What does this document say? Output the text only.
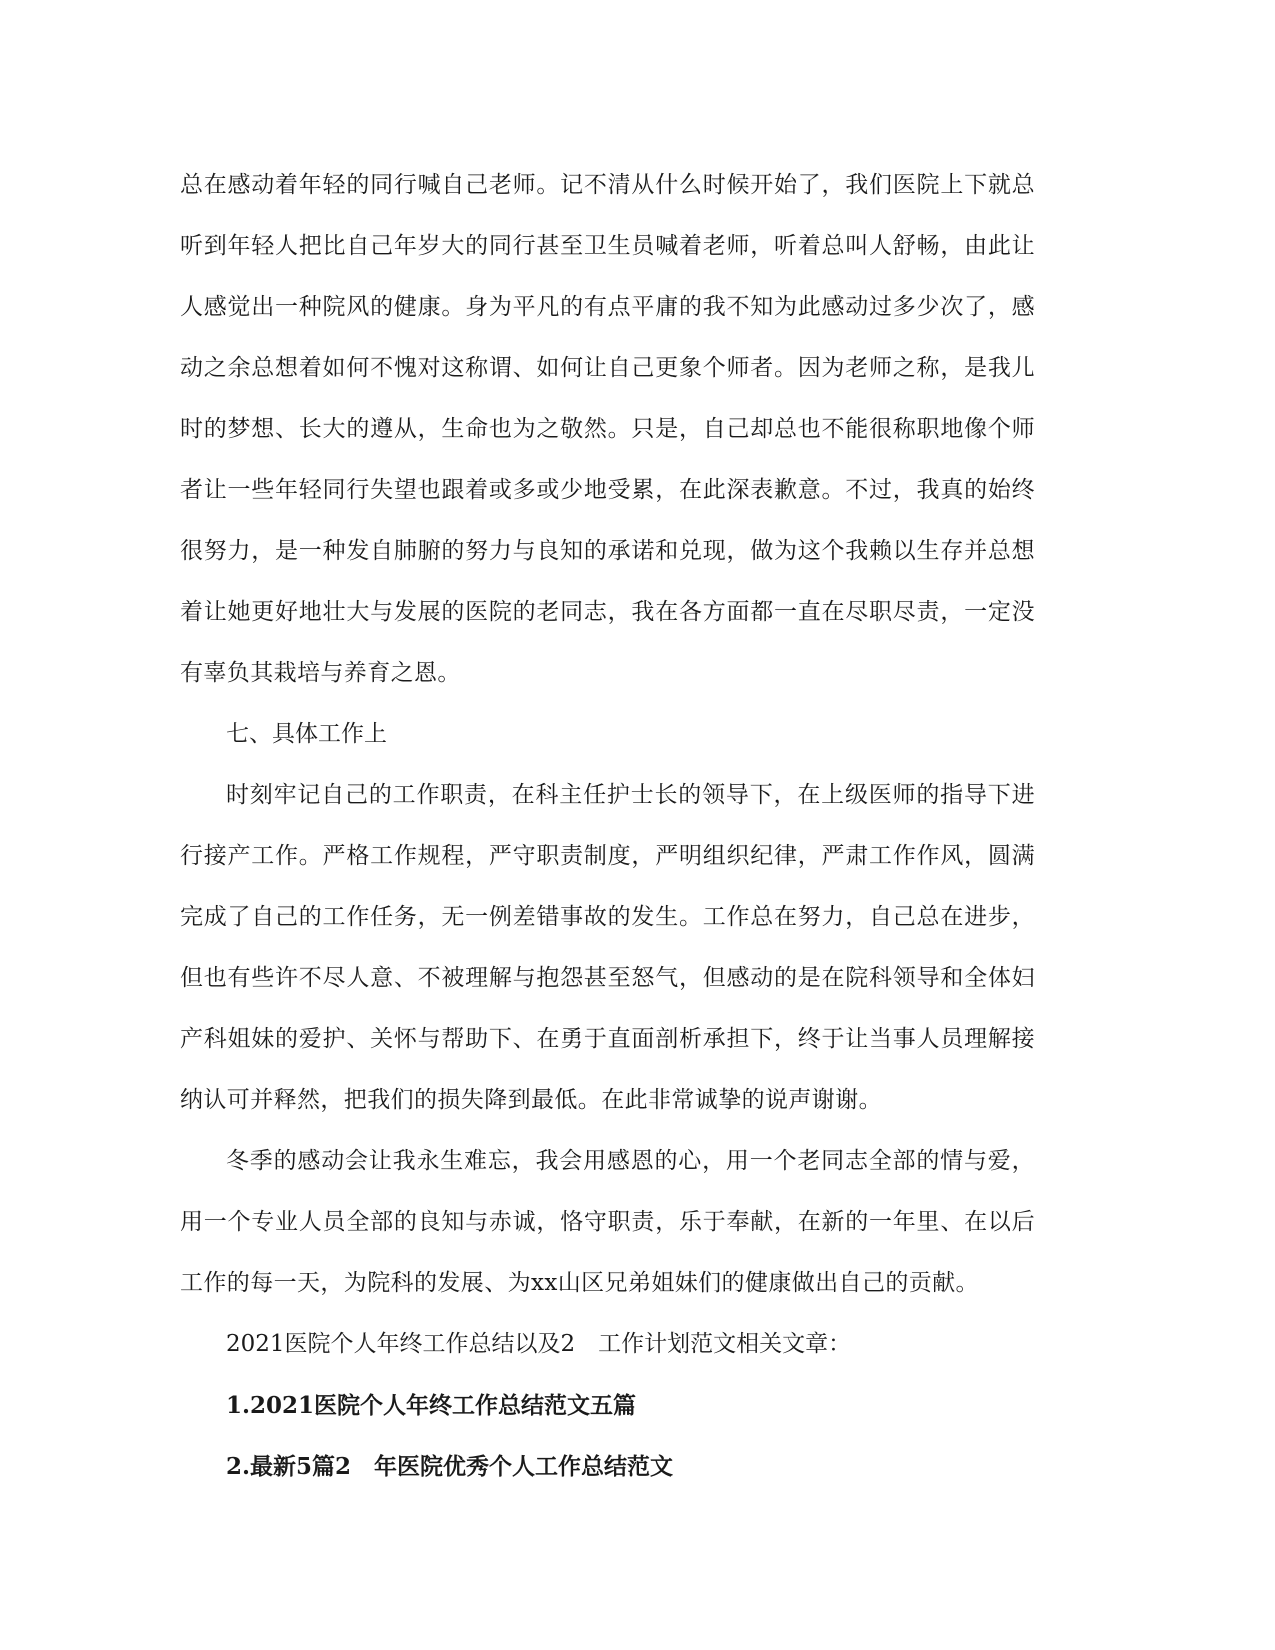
总在感动着年轻的同行喊自己老师。记不清从什么时候开始了，我们医院上下就总听到年轻人把比自己年岁大的同行甚至卫生员喊着老师，听着总叫人舒畅，由此让人感觉出一种院风的健康。身为平凡的有点平庸的我不知为此感动过多少次了，感动之余总想着如何不愧对这称谓、如何让自己更象个师者。因为老师之称，是我儿时的梦想、长大的遵从，生命也为之敬然。只是，自己却总也不能很称职地像个师者让一些年轻同行失望也跟着或多或少地受累，在此深表歉意。不过，我真的始终很努力，是一种发自肺腑的努力与良知的承诺和兑现，做为这个我赖以生存并总想着让她更好地壮大与发展的医院的老同志，我在各方面都一直在尽职尽责，一定没有辜负其栽培与养育之恩。

七、具体工作上

时刻牢记自己的工作职责，在科主任护士长的领导下，在上级医师的指导下进行接产工作。严格工作规程，严守职责制度，严明组织纪律，严肃工作作风，圆满完成了自己的工作任务，无一例差错事故的发生。工作总在努力，自己总在进步，但也有些许不尽人意、不被理解与抱怨甚至怒气，但感动的是在院科领导和全体妇产科姐妹的爱护、关怀与帮助下、在勇于直面剖析承担下，终于让当事人员理解接纳认可并释然，把我们的损失降到最低。在此非常诚挚的说声谢谢。

冬季的感动会让我永生难忘，我会用感恩的心，用一个老同志全部的情与爱，用一个专业人员全部的良知与赤诚，恪守职责，乐于奉献，在新的一年里、在以后工作的每一天，为院科的发展、为xx山区兄弟姐妹们的健康做出自己的贡献。

2021医院个人年终工作总结以及2　工作计划范文相关文章：

1.2021医院个人年终工作总结范文五篇
2.最新5篇2　年医院优秀个人工作总结范文
